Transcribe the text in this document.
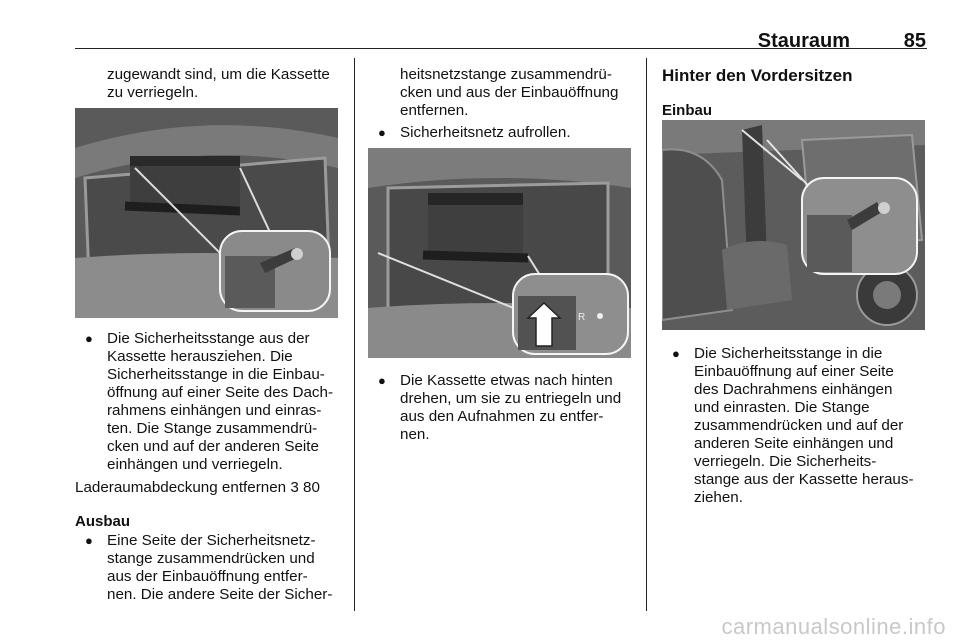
Stauraum	85
zugewandt sind, um die Kassette
zu verriegeln.
● Die Sicherheitsstange aus der
Kassette herausziehen. Die
Sicherheitsstange in die Einbau-
öffnung auf einer Seite des Dach-
rahmens einhängen und einras-
ten. Die Stange zusammendrü-
cken und auf der anderen Seite
einhängen und verriegeln.
Laderaumabdeckung entfernen 3 80
Ausbau
● Eine Seite der Sicherheitsnetz-
stange zusammendrücken und
aus der Einbauöffnung entfer-
nen. Die andere Seite der Sicher-
heitsnetzstange zusammendrü-
cken und aus der Einbauöffnung
entfernen.
● Sicherheitsnetz aufrollen.
R
● Die Kassette etwas nach hinten
drehen, um sie zu entriegeln und
aus den Aufnahmen zu entfer-
nen.
Hinter den Vordersitzen
Einbau
● Die Sicherheitsstange in die
Einbauöffnung auf einer Seite
des Dachrahmens einhängen
und einrasten. Die Stange
zusammendrücken und auf der
anderen Seite einhängen und
verriegeln. Die Sicherheits-
stange aus der Kassette heraus-
ziehen.
carmanualsonline.info
